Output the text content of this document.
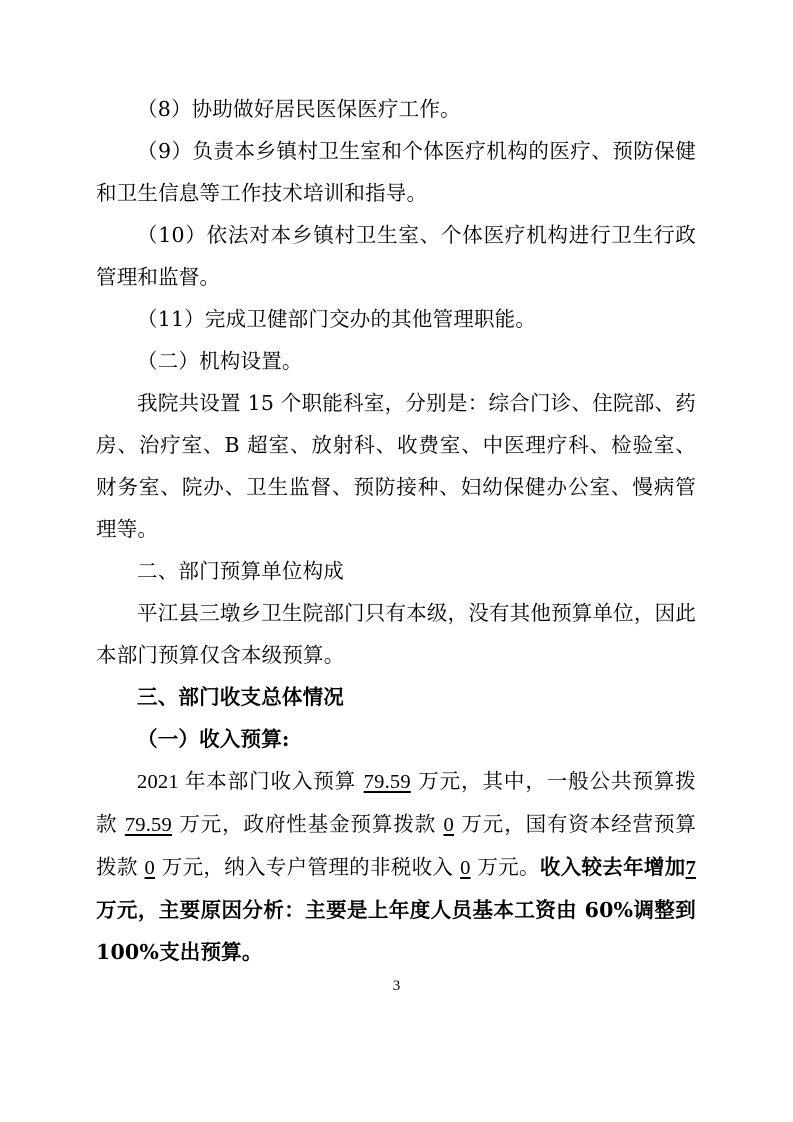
（8）协助做好居民医保医疗工作。

（9）负责本乡镇村卫生室和个体医疗机构的医疗、预防保健和卫生信息等工作技术培训和指导。

（10）依法对本乡镇村卫生室、个体医疗机构进行卫生行政管理和监督。

（11）完成卫健部门交办的其他管理职能。

（二）机构设置。

我院共设置 15 个职能科室，分别是：综合门诊、住院部、药房、治疗室、B 超室、放射科、收费室、中医理疗科、检验室、财务室、院办、卫生监督、预防接种、妇幼保健办公室、慢病管理等。

二、部门预算单位构成

平江县三墩乡卫生院部门只有本级，没有其他预算单位，因此本部门预算仅含本级预算。

三、部门收支总体情况

（一）收入预算:

2021 年本部门收入预算 79.59 万元，其中，一般公共预算拨款 79.59 万元，政府性基金预算拨款 0 万元，国有资本经营预算拨款 0 万元，纳入专户管理的非税收入 0 万元。收入较去年增加7万元，主要原因分析：主要是上年度人员基本工资由 60%调整到 100%支出预算。

3
